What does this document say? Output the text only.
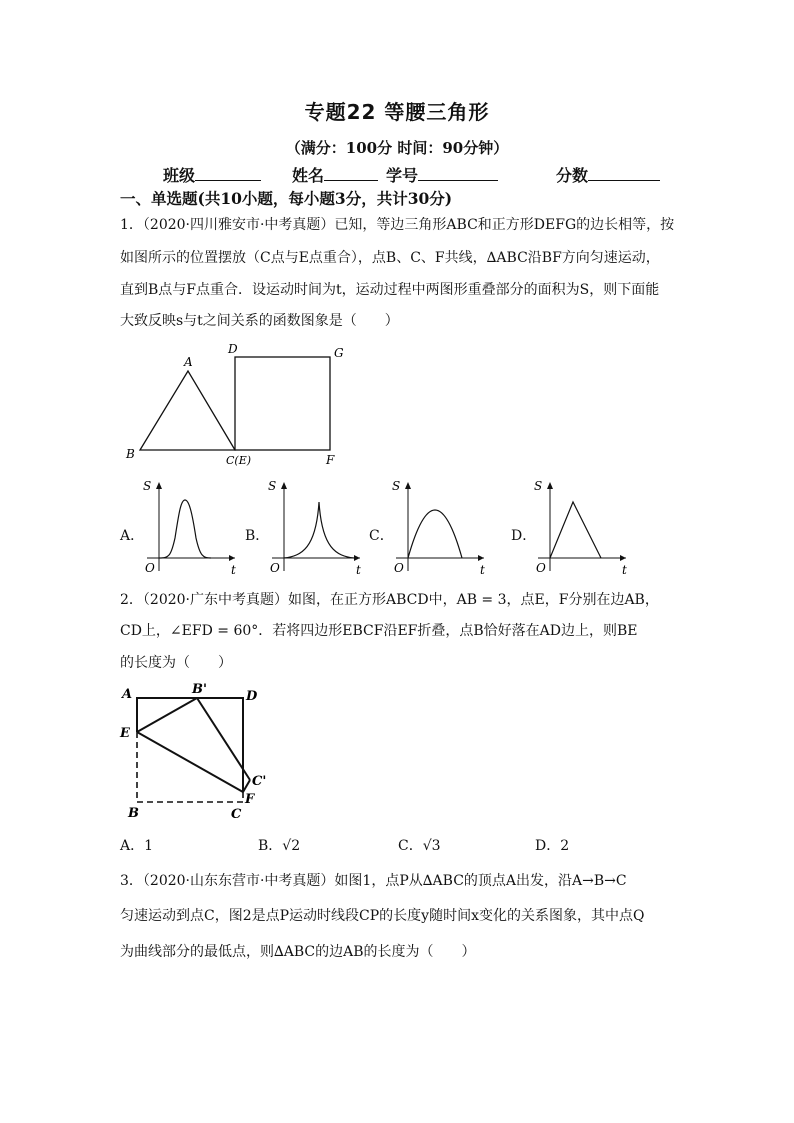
专题22 等腰三角形
（满分：100分 时间：90分钟）
班级	姓名	学号	分数
一、单选题(共10小题，每小题3分，共计30分)
1．（2020·四川雅安市·中考真题）已知，等边三角形ABC和正方形DEFG的边长相等，按
如图所示的位置摆放（C点与E点重合），点B、C、F共线，∆ABC沿BF方向匀速运动，
直到B点与F点重合．设运动时间为t，运动过程中两图形重叠部分的面积为S，则下面能
大致反映s与t之间关系的函数图象是（　　）
A
B	C(E)
D	G
F
A．
S
O	t
B．
S
O	t
C．
S
O	t
D．
S
O	t
2．（2020·广东中考真题）如图，在正方形ABCD中，AB = 3，点E，F分别在边AB，
CD上，∠EFD = 60°．若将四边形EBCF沿EF折叠，点B恰好落在AD边上，则BE
的长度为（　　）
A	B'	D
E
C'
F
B	C
A．1	B．√2	C．√3	D．2
3．（2020·山东东营市·中考真题）如图1，点P从∆ABC的顶点A出发，沿A→B→C
匀速运动到点C，图2是点P运动时线段CP的长度y随时间x变化的关系图象，其中点Q
为曲线部分的最低点，则∆ABC的边AB的长度为（　　）
